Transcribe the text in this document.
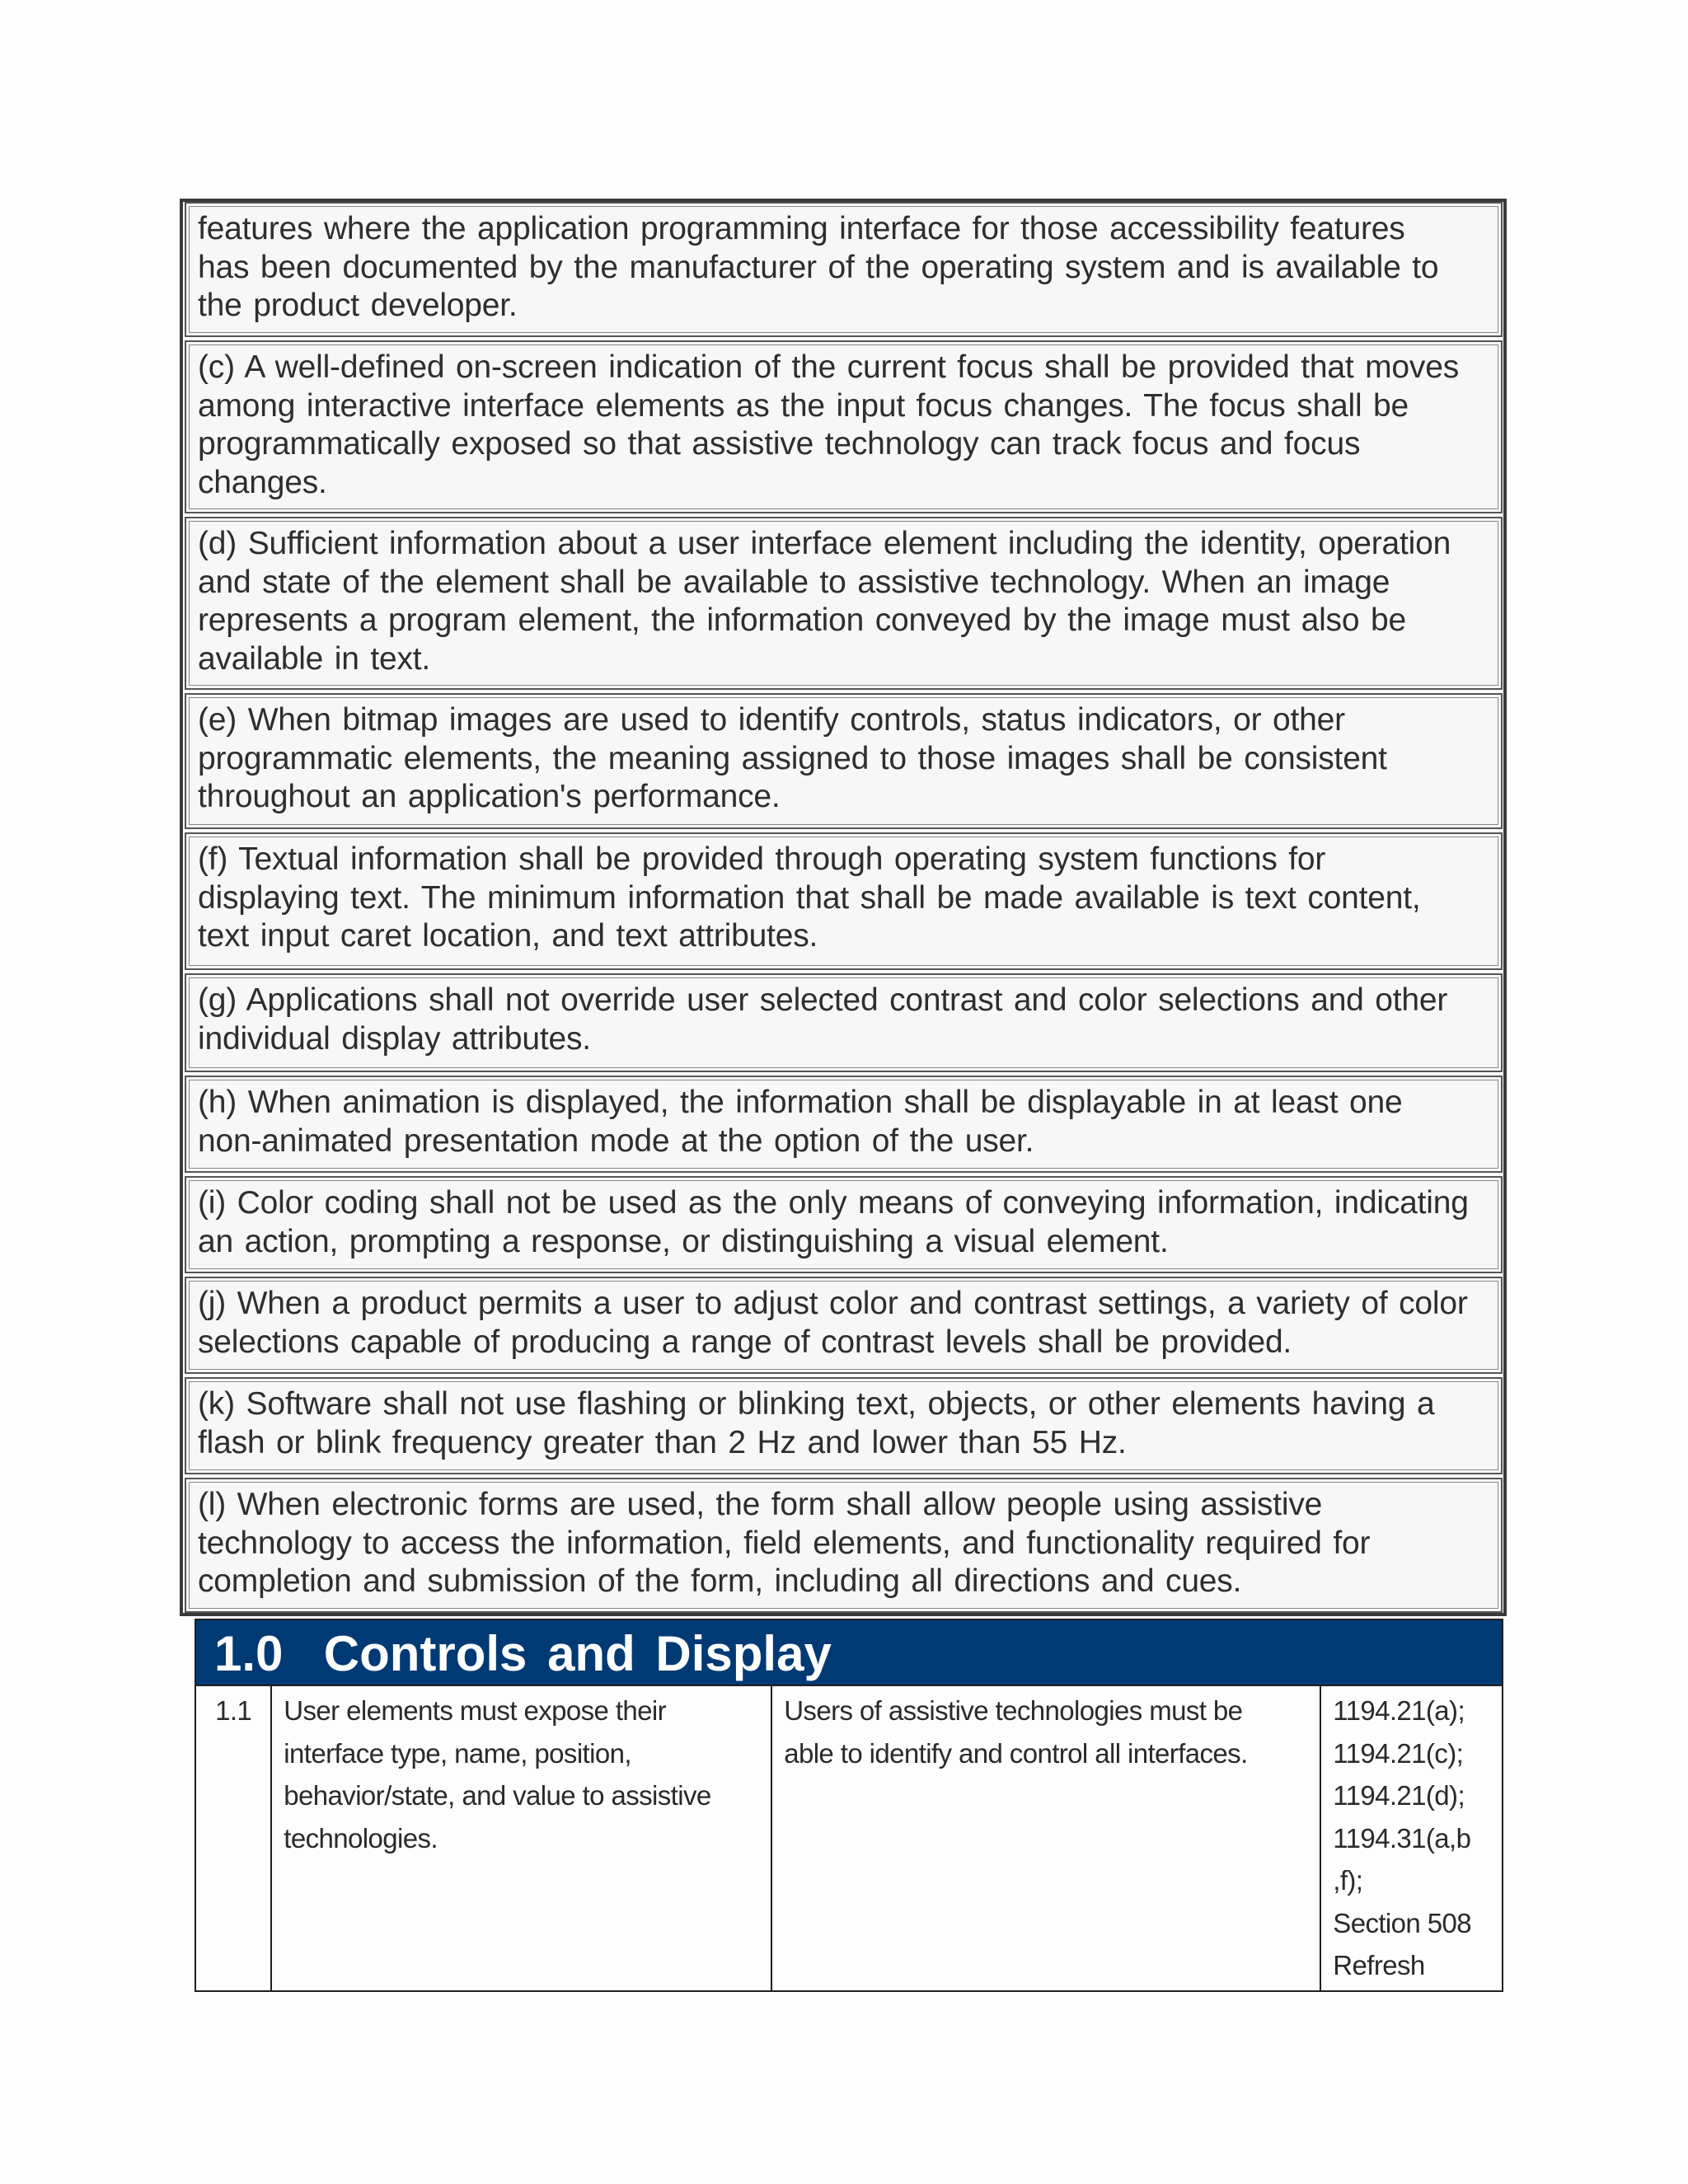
features where the application programming interface for those accessibility features
has been documented by the manufacturer of the operating system and is available to
the product developer.
(c) A well-defined on-screen indication of the current focus shall be provided that moves
among interactive interface elements as the input focus changes. The focus shall be
programmatically exposed so that assistive technology can track focus and focus
changes.
(d) Sufficient information about a user interface element including the identity, operation
and state of the element shall be available to assistive technology. When an image
represents a program element, the information conveyed by the image must also be
available in text.
(e) When bitmap images are used to identify controls, status indicators, or other
programmatic elements, the meaning assigned to those images shall be consistent
throughout an application's performance.
(f) Textual information shall be provided through operating system functions for
displaying text. The minimum information that shall be made available is text content,
text input caret location, and text attributes.
(g) Applications shall not override user selected contrast and color selections and other
individual display attributes.
(h) When animation is displayed, the information shall be displayable in at least one
non-animated presentation mode at the option of the user.
(i) Color coding shall not be used as the only means of conveying information, indicating
an action, prompting a response, or distinguishing a visual element.
(j) When a product permits a user to adjust color and contrast settings, a variety of color
selections capable of producing a range of contrast levels shall be provided.
(k) Software shall not use flashing or blinking text, objects, or other elements having a
flash or blink frequency greater than 2 Hz and lower than 55 Hz.
(l) When electronic forms are used, the form shall allow people using assistive
technology to access the information, field elements, and functionality required for
completion and submission of the form, including all directions and cues.
1.0  Controls and Display
1.1	User elements must expose their
interface type, name, position,
behavior/state, and value to assistive
technologies.	Users of assistive technologies must be
able to identify and control all interfaces.	1194.21(a);
1194.21(c);
1194.21(d);
1194.31(a,b
,f);
Section 508
Refresh
